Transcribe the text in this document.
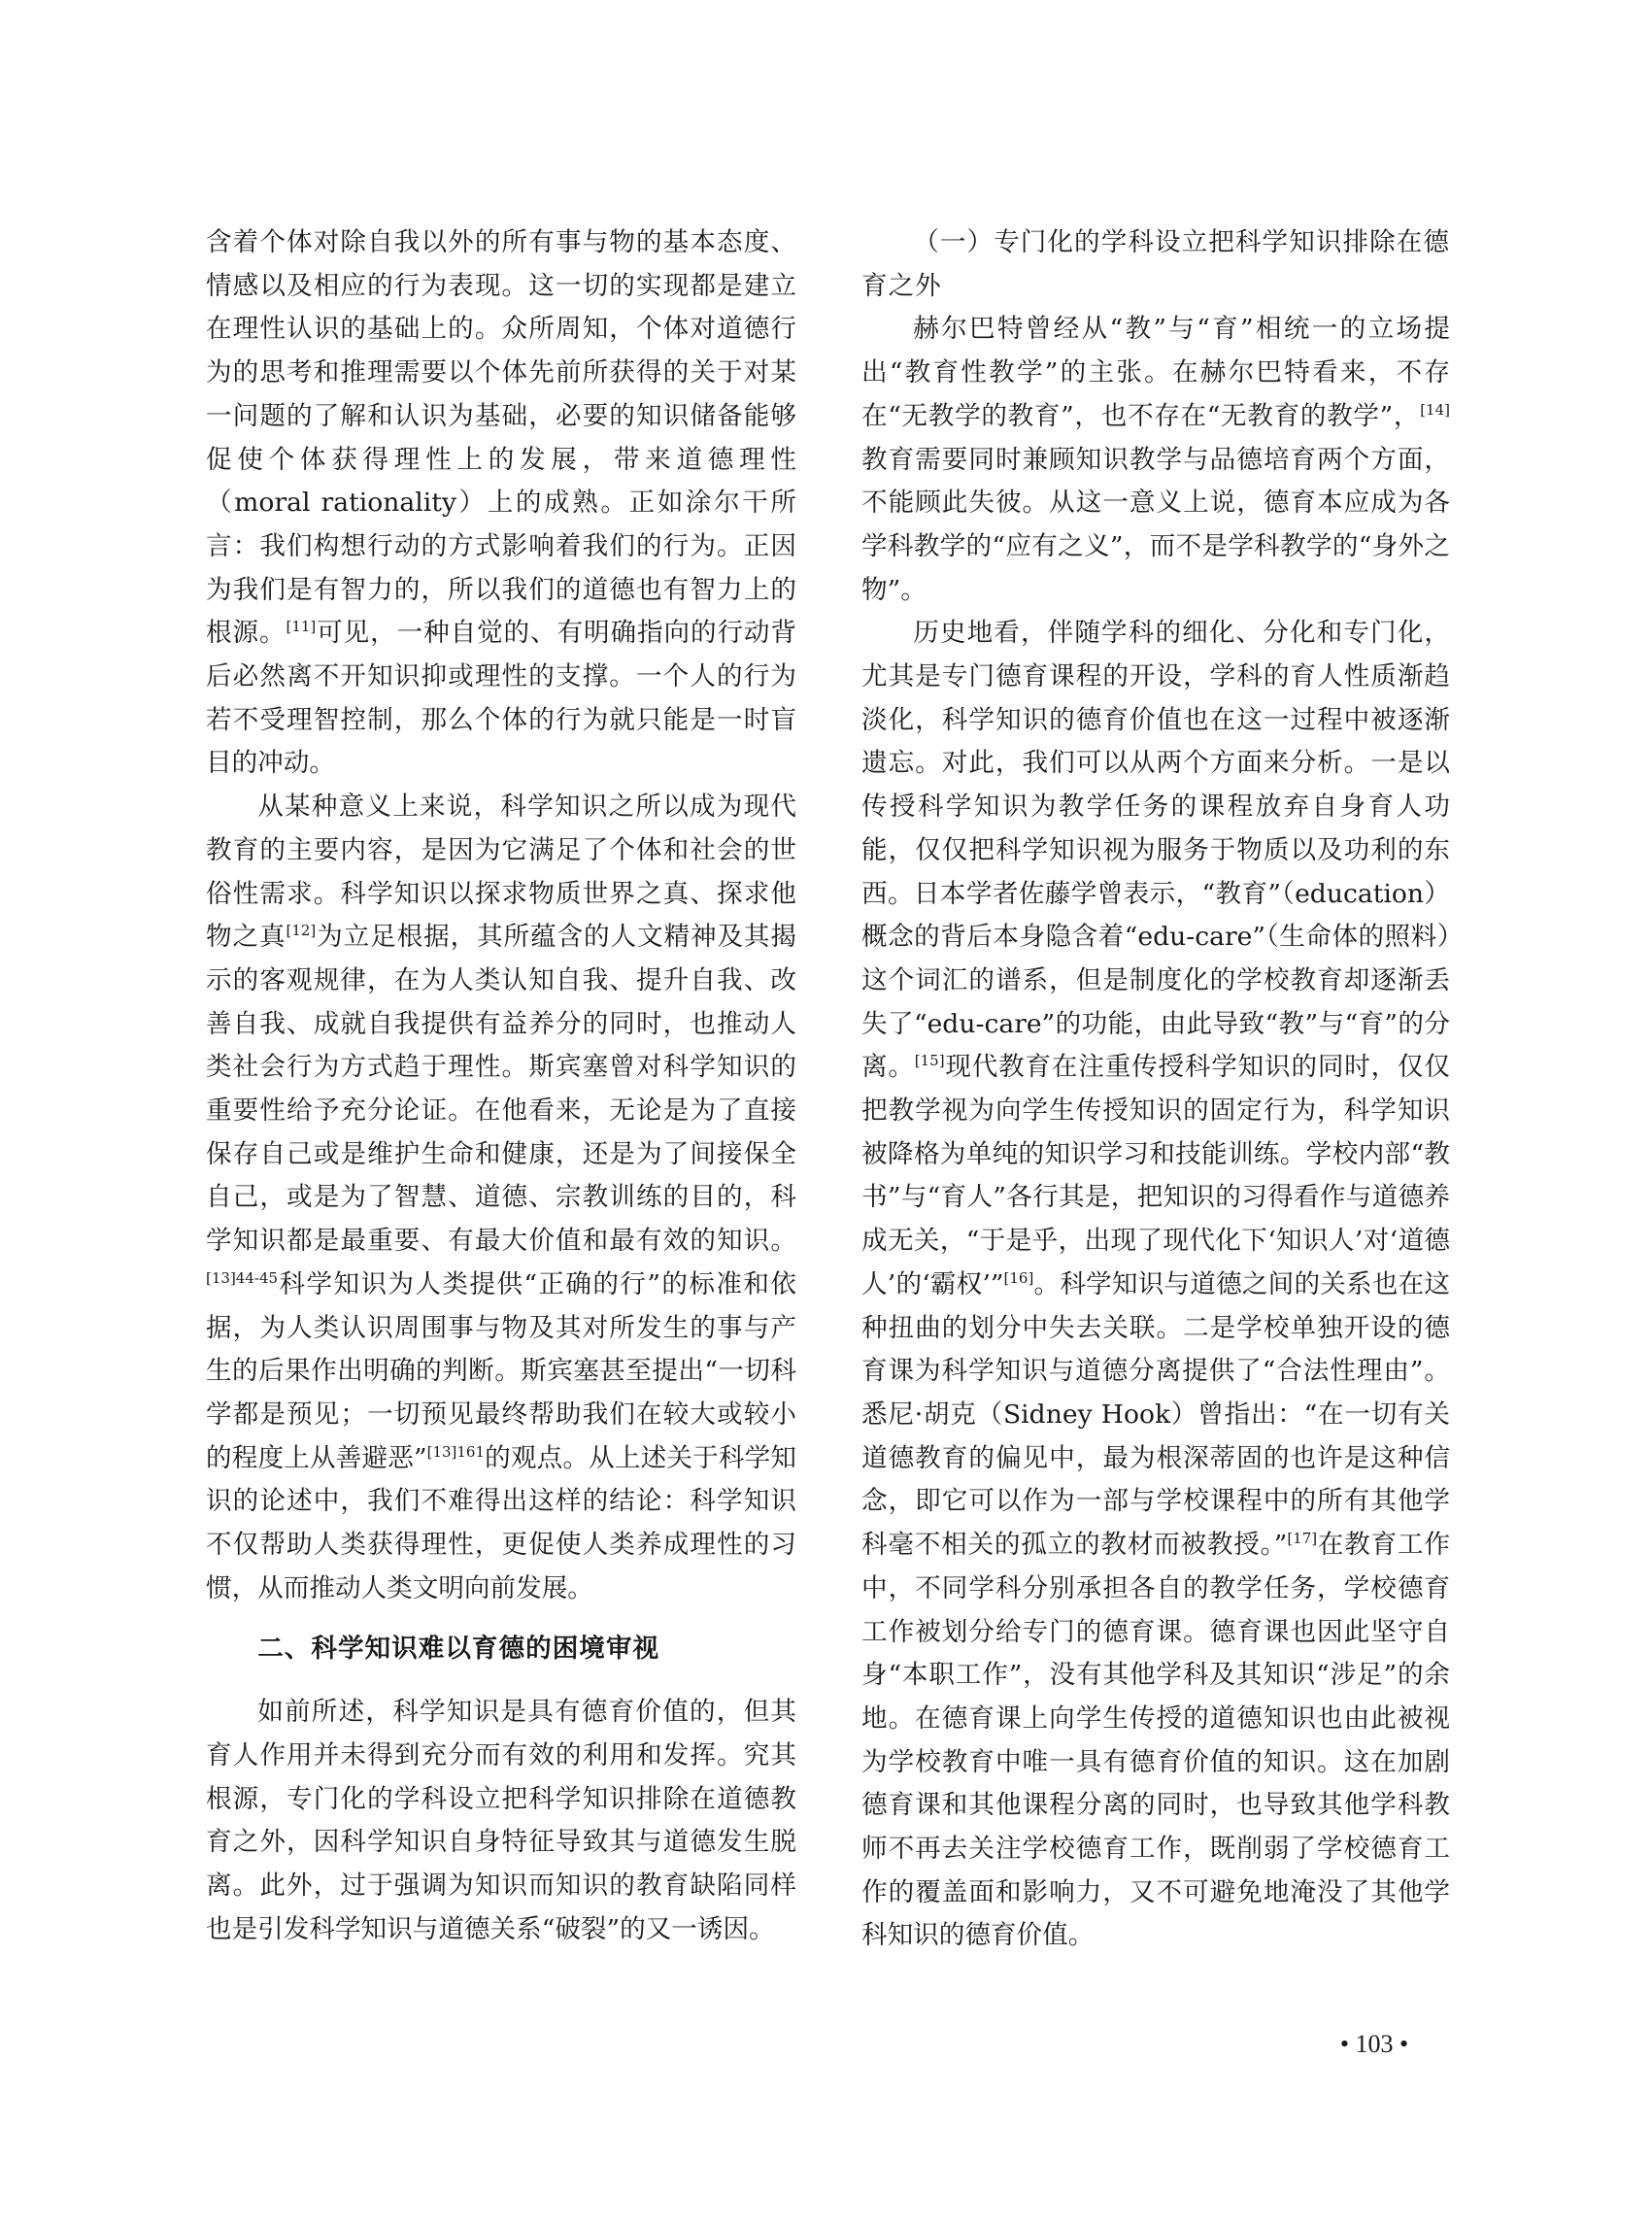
含着个体对除自我以外的所有事与物的基本态度、情感以及相应的行为表现。这一切的实现都是建立在理性认识的基础上的。众所周知，个体对道德行为的思考和推理需要以个体先前所获得的关于对某一问题的了解和认识为基础，必要的知识储备能够促使个体获得理性上的发展，带来道德理性（moral rationality）上的成熟。正如涂尔干所言：我们构想行动的方式影响着我们的行为。正因为我们是有智力的，所以我们的道德也有智力上的根源。[11]可见，一种自觉的、有明确指向的行动背后必然离不开知识抑或理性的支撑。一个人的行为若不受理智控制，那么个体的行为就只能是一时盲目的冲动。

从某种意义上来说，科学知识之所以成为现代教育的主要内容，是因为它满足了个体和社会的世俗性需求。科学知识以探求物质世界之真、探求他物之真[12]为立足根据，其所蕴含的人文精神及其揭示的客观规律，在为人类认知自我、提升自我、改善自我、成就自我提供有益养分的同时，也推动人类社会行为方式趋于理性。斯宾塞曾对科学知识的重要性给予充分论证。在他看来，无论是为了直接保存自己或是维护生命和健康，还是为了间接保全自己，或是为了智慧、道德、宗教训练的目的，科学知识都是最重要、有最大价值和最有效的知识。$^{[13]44-45}$科学知识为人类提供“正确的行”的标准和依据，为人类认识周围事与物及其对所发生的事与产生的后果作出明确的判断。斯宾塞甚至提出“一切科学都是预见；一切预见最终帮助我们在较大或较小的程度上从善避恶”$^{[13]161}$的观点。从上述关于科学知识的论述中，我们不难得出这样的结论：科学知识不仅帮助人类获得理性，更促使人类养成理性的习惯，从而推动人类文明向前发展。

二、科学知识难以育德的困境审视

如前所述，科学知识是具有德育价值的，但其育人作用并未得到充分而有效的利用和发挥。究其根源，专门化的学科设立把科学知识排除在道德教育之外，因科学知识自身特征导致其与道德发生脱离。此外，过于强调为知识而知识的教育缺陷同样也是引发科学知识与道德关系“破裂”的又一诱因。

（一）专门化的学科设立把科学知识排除在德育之外

赫尔巴特曾经从“教”与“育”相统一的立场提出“教育性教学”的主张。在赫尔巴特看来，不存在“无教学的教育”，也不存在“无教育的教学”，[14]教育需要同时兼顾知识教学与品德培育两个方面，不能顾此失彼。从这一意义上说，德育本应成为各学科教学的“应有之义”，而不是学科教学的“身外之物”。

历史地看，伴随学科的细化、分化和专门化，尤其是专门德育课程的开设，学科的育人性质渐趋淡化，科学知识的德育价值也在这一过程中被逐渐遗忘。对此，我们可以从两个方面来分析。一是以传授科学知识为教学任务的课程放弃自身育人功能，仅仅把科学知识视为服务于物质以及功利的东西。日本学者佐藤学曾表示，“教育”（education）概念的背后本身隐含着“edu-care”（生命体的照料）这个词汇的谱系，但是制度化的学校教育却逐渐丢失了“edu-care”的功能，由此导致“教”与“育”的分离。[15]现代教育在注重传授科学知识的同时，仅仅把教学视为向学生传授知识的固定行为，科学知识被降格为单纯的知识学习和技能训练。学校内部“教书”与“育人”各行其是，把知识的习得看作与道德养成无关，“于是乎，出现了现代化下‘知识人’对‘道德人’的‘霸权’”[16]。科学知识与道德之间的关系也在这种扭曲的划分中失去关联。二是学校单独开设的德育课为科学知识与道德分离提供了“合法性理由”。悉尼·胡克（Sidney Hook）曾指出：“在一切有关道德教育的偏见中，最为根深蒂固的也许是这种信念，即它可以作为一部与学校课程中的所有其他学科毫不相关的孤立的教材而被教授。”[17]在教育工作中，不同学科分别承担各自的教学任务，学校德育工作被划分给专门的德育课。德育课也因此坚守自身“本职工作”，没有其他学科及其知识“涉足”的余地。在德育课上向学生传授的道德知识也由此被视为学校教育中唯一具有德育价值的知识。这在加剧德育课和其他课程分离的同时，也导致其他学科教师不再去关注学校德育工作，既削弱了学校德育工作的覆盖面和影响力，又不可避免地淹没了其他学科知识的德育价值。

• 103 •
